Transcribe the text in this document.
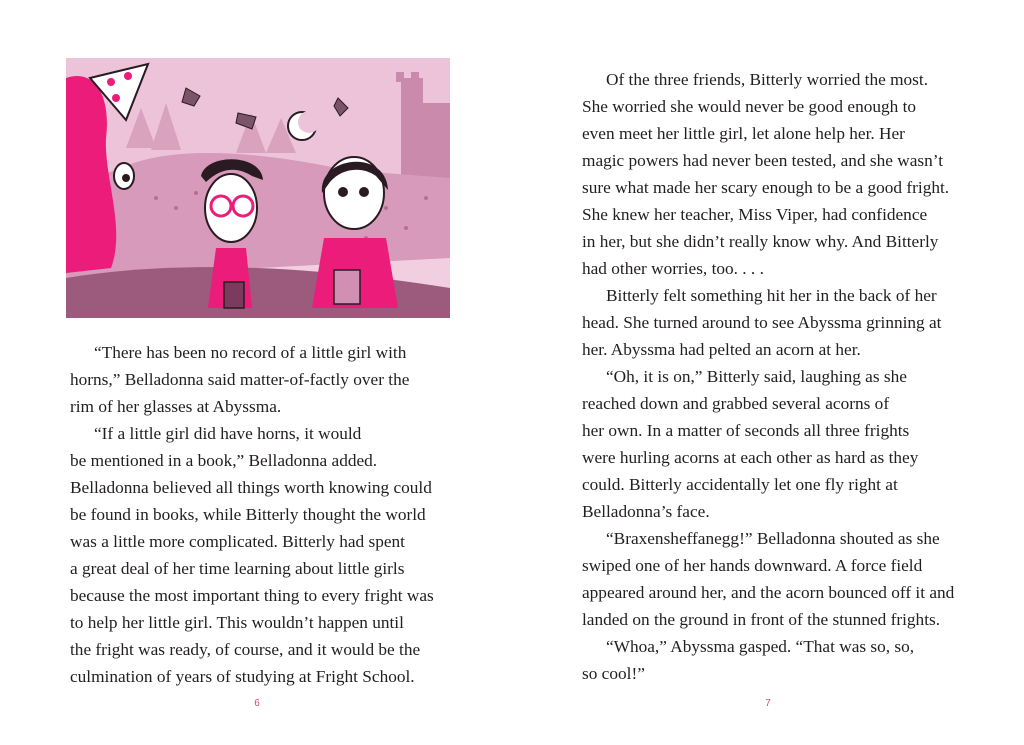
“There has been no record of a little girl with
horns,” Belladonna said matter-of-factly over the
rim of her glasses at Abyssma.
“If a little girl did have horns, it would
be mentioned in a book,” Belladonna added.
Belladonna believed all things worth knowing could
be found in books, while Bitterly thought the world
was a little more complicated. Bitterly had spent
a great deal of her time learning about little girls
because the most important thing to every fright was
to help her little girl. This wouldn’t happen until
the fright was ready, of course, and it would be the
culmination of years of studying at Fright School.
6
Of the three friends, Bitterly worried the most.
She worried she would never be good enough to
even meet her little girl, let alone help her. Her
magic powers had never been tested, and she wasn’t
sure what made her scary enough to be a good fright.
She knew her teacher, Miss Viper, had confidence
in her, but she didn’t really know why. And Bitterly
had other worries, too. . . .
Bitterly felt something hit her in the back of her
head. She turned around to see Abyssma grinning at
her. Abyssma had pelted an acorn at her.
“Oh, it is on,” Bitterly said, laughing as she
reached down and grabbed several acorns of
her own. In a matter of seconds all three frights
were hurling acorns at each other as hard as they
could. Bitterly accidentally let one fly right at
Belladonna’s face.
“Braxensheffanegg!” Belladonna shouted as she
swiped one of her hands downward. A force field
appeared around her, and the acorn bounced off it and
landed on the ground in front of the stunned frights.
“Whoa,” Abyssma gasped. “That was so, so,
so cool!”
7
